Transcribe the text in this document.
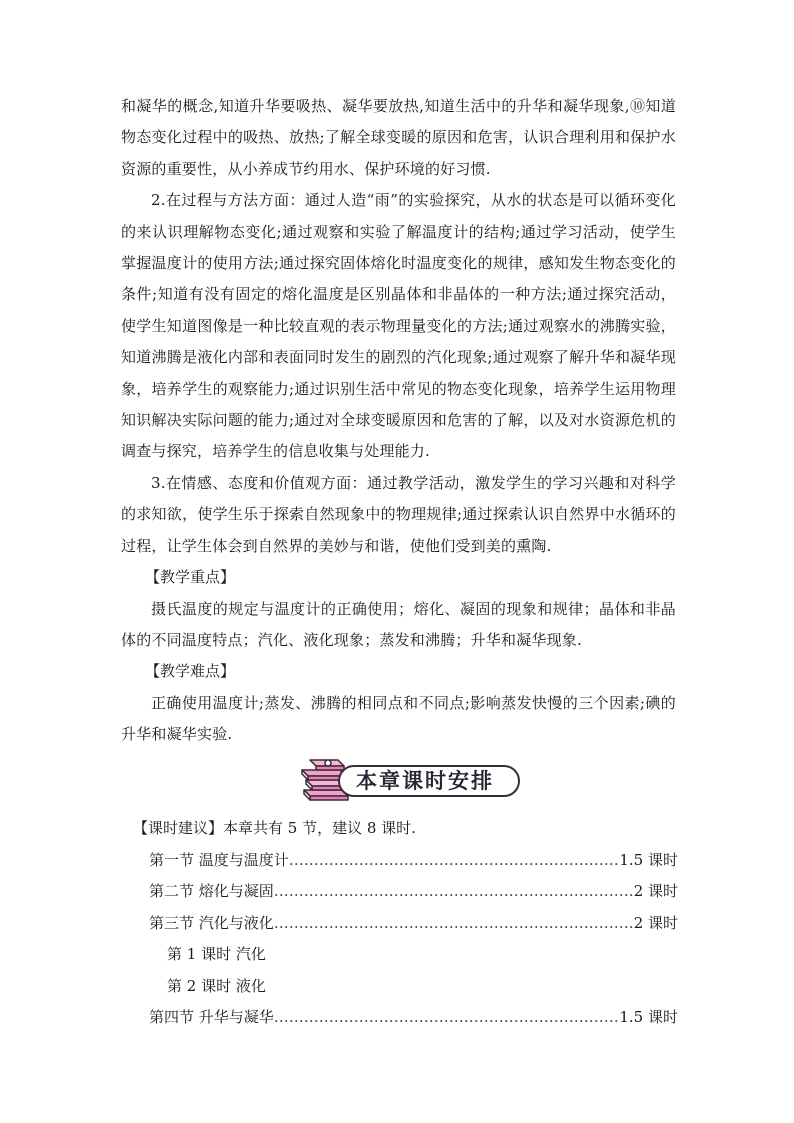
和凝华的概念,知道升华要吸热、凝华要放热,知道生活中的升华和凝华现象,⑩知道物态变化过程中的吸热、放热;了解全球变暖的原因和危害，认识合理利用和保护水资源的重要性，从小养成节约用水、保护环境的好习惯.

2.在过程与方法方面：通过人造“雨”的实验探究，从水的状态是可以循环变化的来认识理解物态变化;通过观察和实验了解温度计的结构;通过学习活动，使学生掌握温度计的使用方法;通过探究固体熔化时温度变化的规律，感知发生物态变化的条件;知道有没有固定的熔化温度是区别晶体和非晶体的一种方法;通过探究活动，使学生知道图像是一种比较直观的表示物理量变化的方法;通过观察水的沸腾实验，知道沸腾是液化内部和表面同时发生的剧烈的汽化现象;通过观察了解升华和凝华现象，培养学生的观察能力;通过识别生活中常见的物态变化现象，培养学生运用物理知识解决实际问题的能力;通过对全球变暖原因和危害的了解，以及对水资源危机的调查与探究，培养学生的信息收集与处理能力.

3.在情感、态度和价值观方面：通过教学活动，激发学生的学习兴趣和对科学的求知欲，使学生乐于探索自然现象中的物理规律;通过探索认识自然界中水循环的过程，让学生体会到自然界的美妙与和谐，使他们受到美的熏陶.

【教学重点】

摄氏温度的规定与温度计的正确使用；熔化、凝固的现象和规律；晶体和非晶体的不同温度特点；汽化、液化现象；蒸发和沸腾；升华和凝华现象.

【教学难点】

正确使用温度计;蒸发、沸腾的相同点和不同点;影响蒸发快慢的三个因素;碘的升华和凝华实验.

本章课时安排
【课时建议】本章共有 5 节，建议 8 课时.
第一节 温度与温度计 …………………………………………………………………………………………………………	1.5 课时
第二节 熔化与凝固 …………………………………………………………………………………………………………	2 课时
第三节 汽化与液化 …………………………………………………………………………………………………………	2 课时
第 1 课时 汽化
第 2 课时 液化
第四节 升华与凝华 …………………………………………………………………………………………………………	1.5 课时
